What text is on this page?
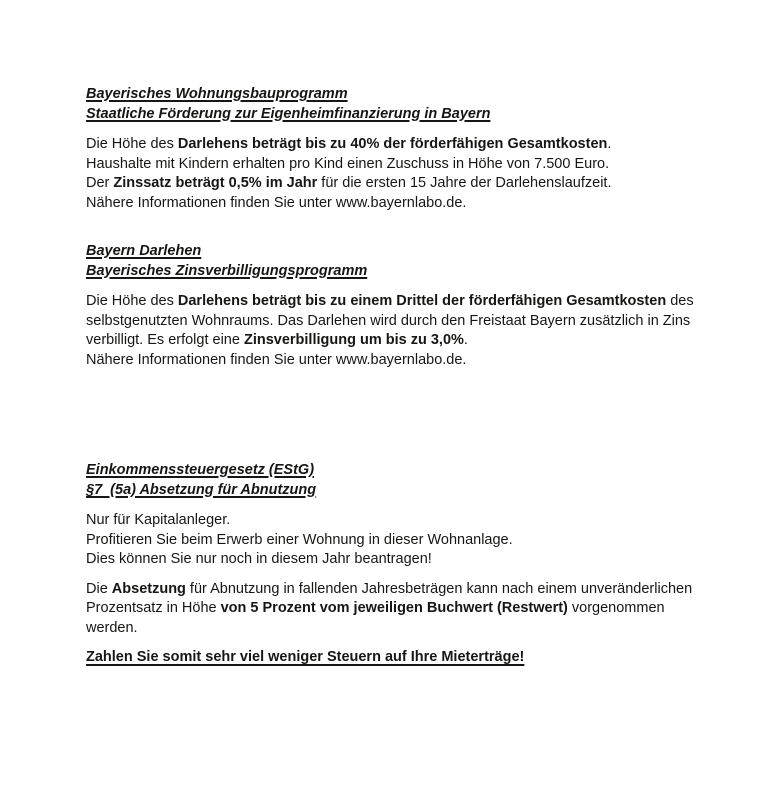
Bayerisches Wohnungsbauprogramm
Staatliche Förderung zur Eigenheimfinanzierung in Bayern

Die Höhe des Darlehens beträgt bis zu 40% der förderfähigen Gesamtkosten.
Haushalte mit Kindern erhalten pro Kind einen Zuschuss in Höhe von 7.500 Euro.
Der Zinssatz beträgt 0,5% im Jahr für die ersten 15 Jahre der Darlehenslaufzeit.
Nähere Informationen finden Sie unter www.bayernlabo.de.

Bayern Darlehen
Bayerisches Zinsverbilligungsprogramm

Die Höhe des Darlehens beträgt bis zu einem Drittel der förderfähigen Gesamtkosten des
selbstgenutzten Wohnraums. Das Darlehen wird durch den Freistaat Bayern zusätzlich in Zins
verbilligt. Es erfolgt eine Zinsverbilligung um bis zu 3,0%.
Nähere Informationen finden Sie unter www.bayernlabo.de.

Einkommenssteuergesetz (EStG)
§7  (5a) Absetzung für Abnutzung

Nur für Kapitalanleger.
Profitieren Sie beim Erwerb einer Wohnung in dieser Wohnanlage.
Dies können Sie nur noch in diesem Jahr beantragen!

Die Absetzung für Abnutzung in fallenden Jahresbeträgen kann nach einem unveränderlichen
Prozentsatz in Höhe von 5 Prozent vom jeweiligen Buchwert (Restwert) vorgenommen
werden.

Zahlen Sie somit sehr viel weniger Steuern auf Ihre Mieterträge!
